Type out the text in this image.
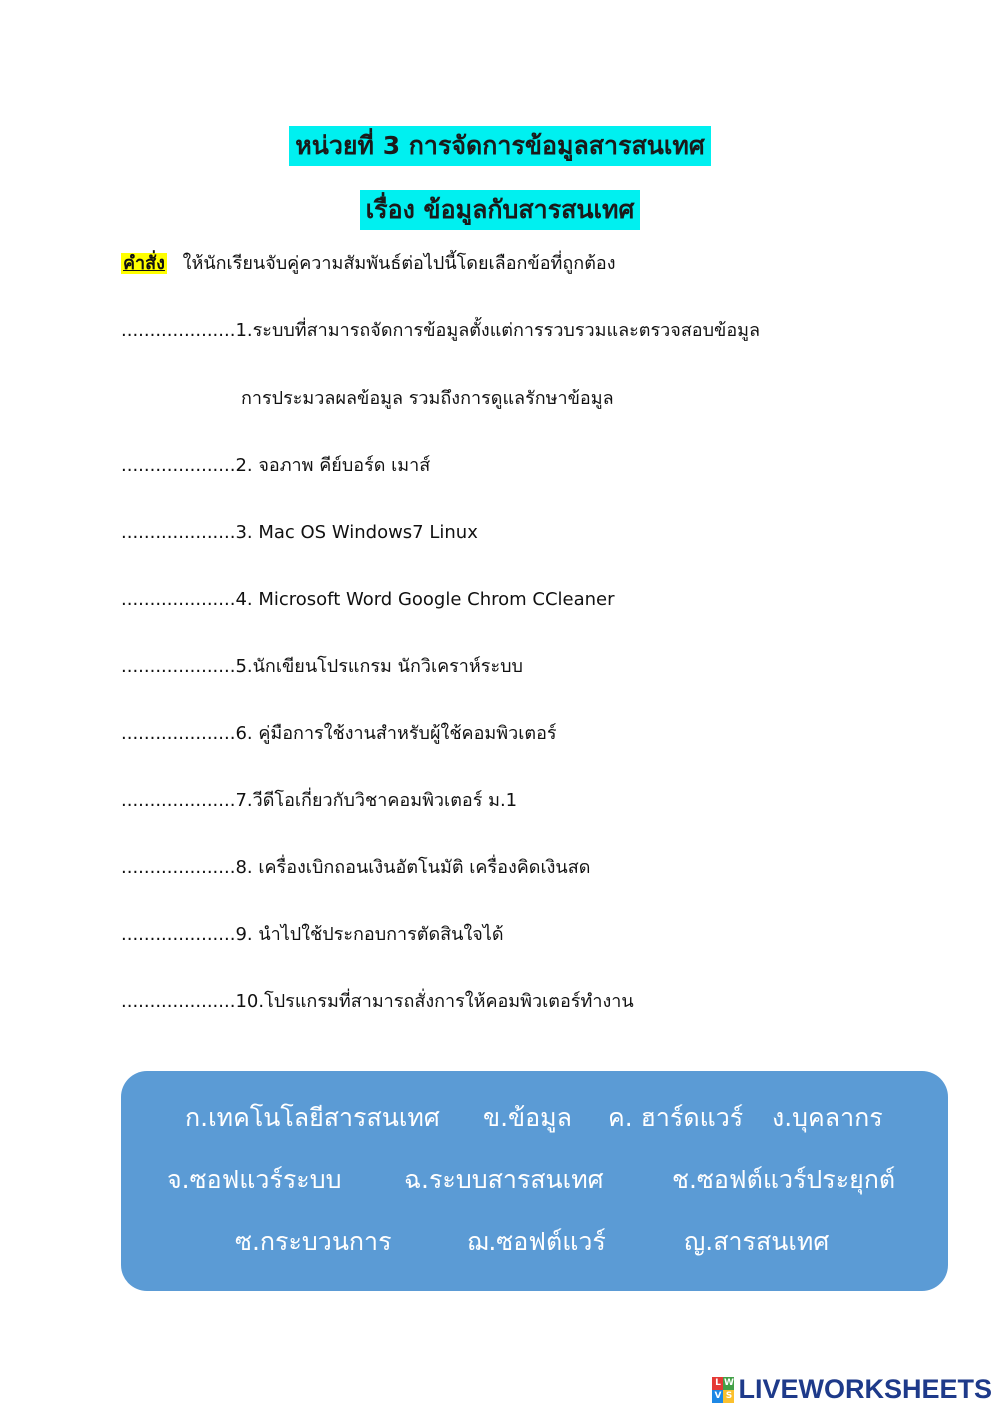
หน่วยที่ 3 การจัดการข้อมูลสารสนเทศ
เรื่อง ข้อมูลกับสารสนเทศ
คำสั่ง ให้นักเรียนจับคู่ความสัมพันธ์ต่อไปนี้โดยเลือกข้อที่ถูกต้อง
....................1.ระบบที่สามารถจัดการข้อมูลตั้งแต่การรวบรวมและตรวจสอบข้อมูล
การประมวลผลข้อมูล รวมถึงการดูแลรักษาข้อมูล
....................2. จอภาพ คีย์บอร์ด เมาส์
....................3. Mac OS Windows7 Linux
....................4. Microsoft Word Google Chrom CCleaner
....................5.นักเขียนโปรแกรม นักวิเคราห์ระบบ
....................6. คู่มือการใช้งานสำหรับผู้ใช้คอมพิวเตอร์
....................7.วีดีโอเกี่ยวกับวิชาคอมพิวเตอร์ ม.1
....................8. เครื่องเบิกถอนเงินอัตโนมัติ เครื่องคิดเงินสด
....................9. นำไปใช้ประกอบการตัดสินใจได้
....................10.โปรแกรมที่สามารถสั่งการให้คอมพิวเตอร์ทำงาน
ก.เทคโนโลยีสารสนเทศ ข.ข้อมูล ค. ฮาร์ดแวร์ ง.บุคลากร
จ.ซอฟแวร์ระบบ	ฉ.ระบบสารสนเทศ	ช.ซอฟต์แวร์ประยุกต์
ซ.กระบวนการ	ฌ.ซอฟต์แวร์	ญ.สารสนเทศ
L W
V S LIVEWORKSHEETS
